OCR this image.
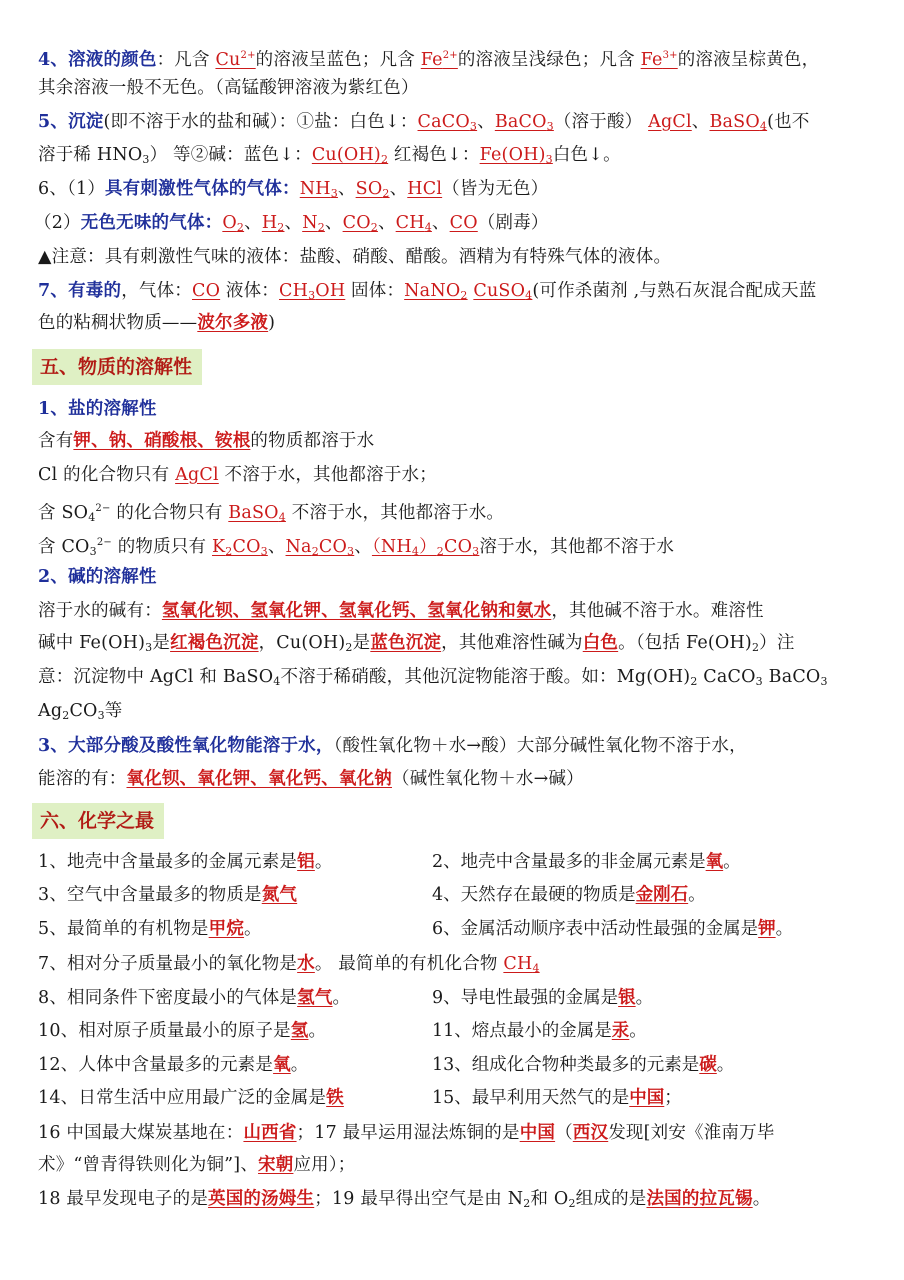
4、溶液的颜色：凡含 $Cu^{2+}$的溶液呈蓝色；凡含 $Fe^{2+}$的溶液呈浅绿色；凡含 $Fe^{3+}$的溶液呈棕黄色，
其余溶液一般不无色。（高锰酸钾溶液为紫红色）
5、沉淀(即不溶于水的盐和碱）：①盐：白色↓：CaCO$_3$、BaCO$_3$（溶于酸） AgCl、BaSO$_4$(也不
溶于稀 $HNO_3$） 等②碱：蓝色↓：$Cu(OH)_2$ 红褐色↓：$Fe(OH)_3$白色↓。
6、（1）具有刺激性气体的气体：$NH_3$、$SO_2$、HCl（皆为无色）
（2）无色无味的气体：$O_2$、$H_2$、$N_2$、$CO_2$、$CH_4$、CO（剧毒）
▲注意：具有刺激性气味的液体：盐酸、硝酸、醋酸。酒精为有特殊气体的液体。
7、有毒的，气体：CO 液体：$CH_3OH$ 固体：NaNO$_2$ CuSO$_4$(可作杀菌剂 ,与熟石灰混合配成天蓝
色的粘稠状物质——波尔多液)
五、物质的溶解性
1、盐的溶解性
含有钾、钠、硝酸根、铵根的物质都溶于水
Cl 的化合物只有 AgCl 不溶于水，其他都溶于水；
含 $SO_4^{2-}$ 的化合物只有 BaSO$_4$ 不溶于水，其他都溶于水。
含 $CO_3^{2-}$ 的物质只有 $K_2CO_3$、$Na_2CO_3$、$(NH_4)_2CO_3$溶于水，其他都不溶于水
2、碱的溶解性
溶于水的碱有：氢氧化钡、氢氧化钾、氢氧化钙、氢氧化钠和氨水，其他碱不溶于水。难溶性
碱中 $Fe(OH)_3$是红褐色沉淀，$Cu(OH)_2$是蓝色沉淀，其他难溶性碱为白色。（包括 $Fe(OH)_2$）注
意：沉淀物中 AgCl 和 BaSO$_4$不溶于稀硝酸，其他沉淀物能溶于酸。如：$Mg(OH)_2$ CaCO$_3$ BaCO$_3$
$Ag_2CO_3$等
3、大部分酸及酸性氧化物能溶于水，（酸性氧化物＋水→酸）大部分碱性氧化物不溶于水，
能溶的有：氧化钡、氧化钾、氧化钙、氧化钠（碱性氧化物＋水→碱）
六、化学之最
1、地壳中含量最多的金属元素是铝。	2、地壳中含量最多的非金属元素是氧。
3、空气中含量最多的物质是氮气	4、天然存在最硬的物质是金刚石。
5、最简单的有机物是甲烷。	6、金属活动顺序表中活动性最强的金属是钾。
7、相对分子质量最小的氧化物是水。 最简单的有机化合物 $CH_4$
8、相同条件下密度最小的气体是氢气。	9、导电性最强的金属是银。
10、相对原子质量最小的原子是氢。	11、熔点最小的金属是汞。
12、人体中含量最多的元素是氧。	13、组成化合物种类最多的元素是碳。
14、日常生活中应用最广泛的金属是铁	15、最早利用天然气的是中国；
16 中国最大煤炭基地在：山西省；17 最早运用湿法炼铜的是中国（西汉发现[刘安《淮南万毕
术》“曾青得铁则化为铜”]、宋朝应用）；
18 最早发现电子的是英国的汤姆生；19 最早得出空气是由 $N_2$和 $O_2$组成的是法国的拉瓦锡。
